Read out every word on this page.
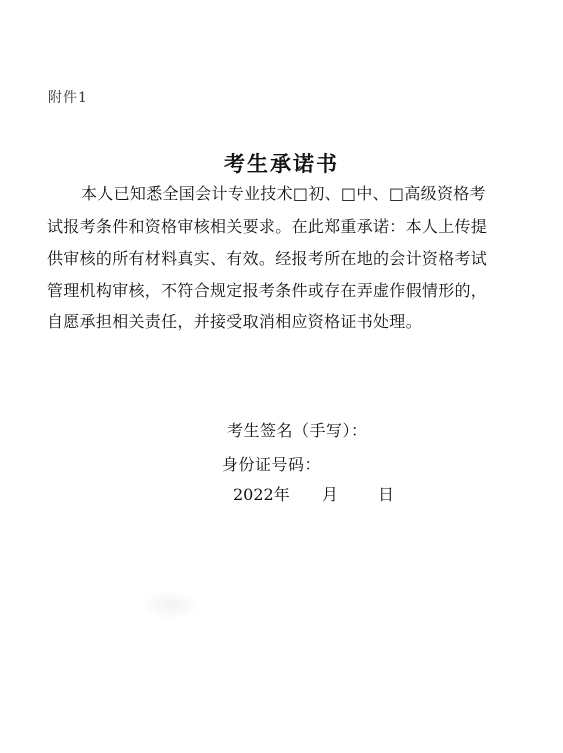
附件1
考生承诺书
本人已知悉全国会计专业技术□初、□中、□高级资格考
试报考条件和资格审核相关要求。在此郑重承诺：本人上传提
供审核的所有材料真实、有效。经报考所在地的会计资格考试
管理机构审核，不符合规定报考条件或存在弄虚作假情形的，
自愿承担相关责任，并接受取消相应资格证书处理。
考生签名（手写）：
身份证号码：
2022年 月 日
